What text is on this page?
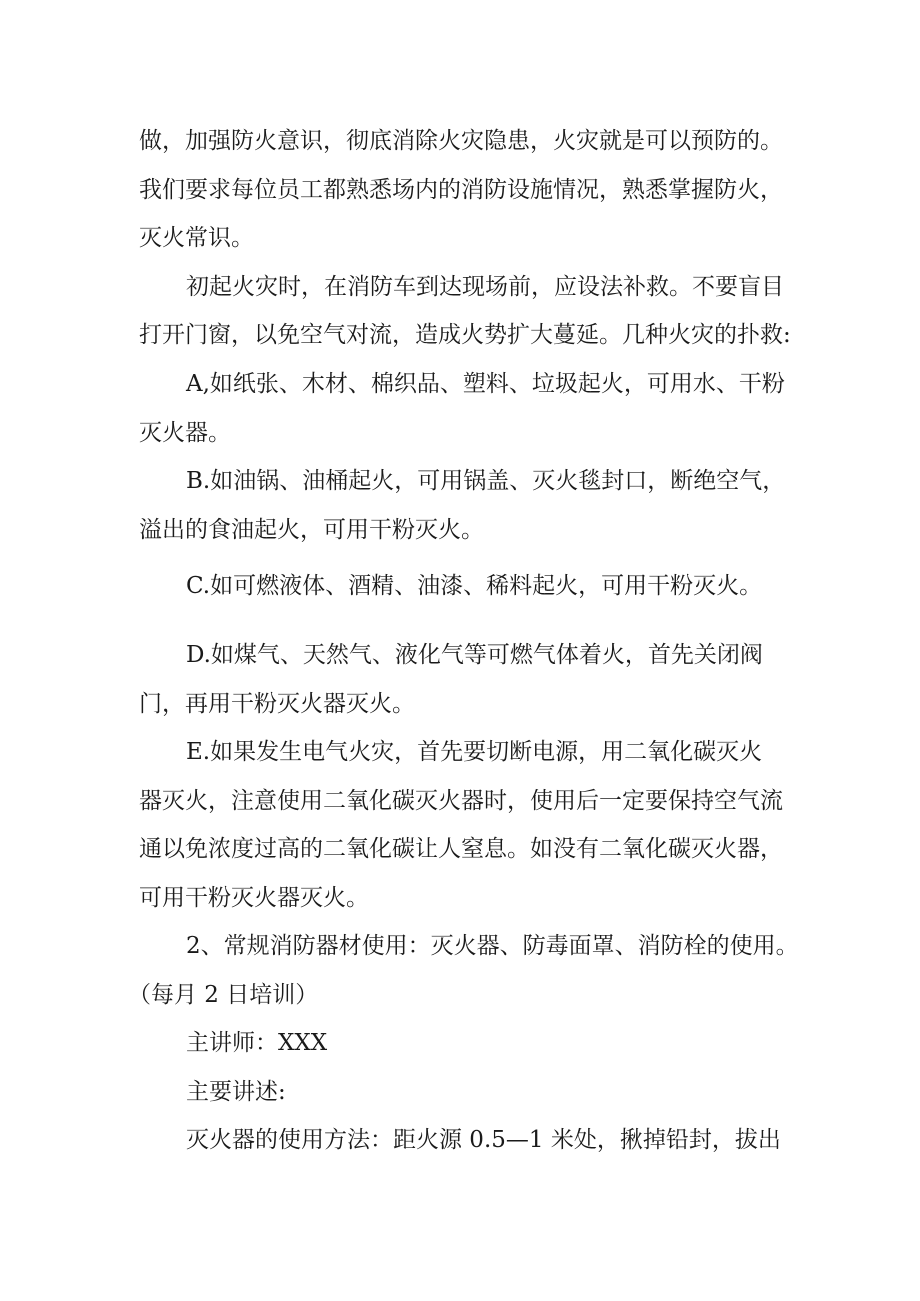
做，加强防火意识，彻底消除火灾隐患，火灾就是可以预防的。
我们要求每位员工都熟悉场内的消防设施情况，熟悉掌握防火，
灭火常识。
初起火灾时，在消防车到达现场前，应设法补救。不要盲目
打开门窗，以免空气对流，造成火势扩大蔓延。几种火灾的扑救:
A,如纸张、木材、棉织品、塑料、垃圾起火，可用水、干粉
灭火器。
B.如油锅、油桶起火，可用锅盖、灭火毯封口，断绝空气，
溢出的食油起火，可用干粉灭火。
C.如可燃液体、酒精、油漆、稀料起火，可用干粉灭火。
D.如煤气、天然气、液化气等可燃气体着火，首先关闭阀
门，再用干粉灭火器灭火。
E.如果发生电气火灾，首先要切断电源，用二氧化碳灭火
器灭火，注意使用二氧化碳灭火器时，使用后一定要保持空气流
通以免浓度过高的二氧化碳让人窒息。如没有二氧化碳灭火器，
可用干粉灭火器灭火。
2、常规消防器材使用：灭火器、防毒面罩、消防栓的使用。
（每月 2 日培训）
主讲师：XXX
主要讲述:
灭火器的使用方法：距火源 0.5—1 米处，揪掉铅封，拔出
